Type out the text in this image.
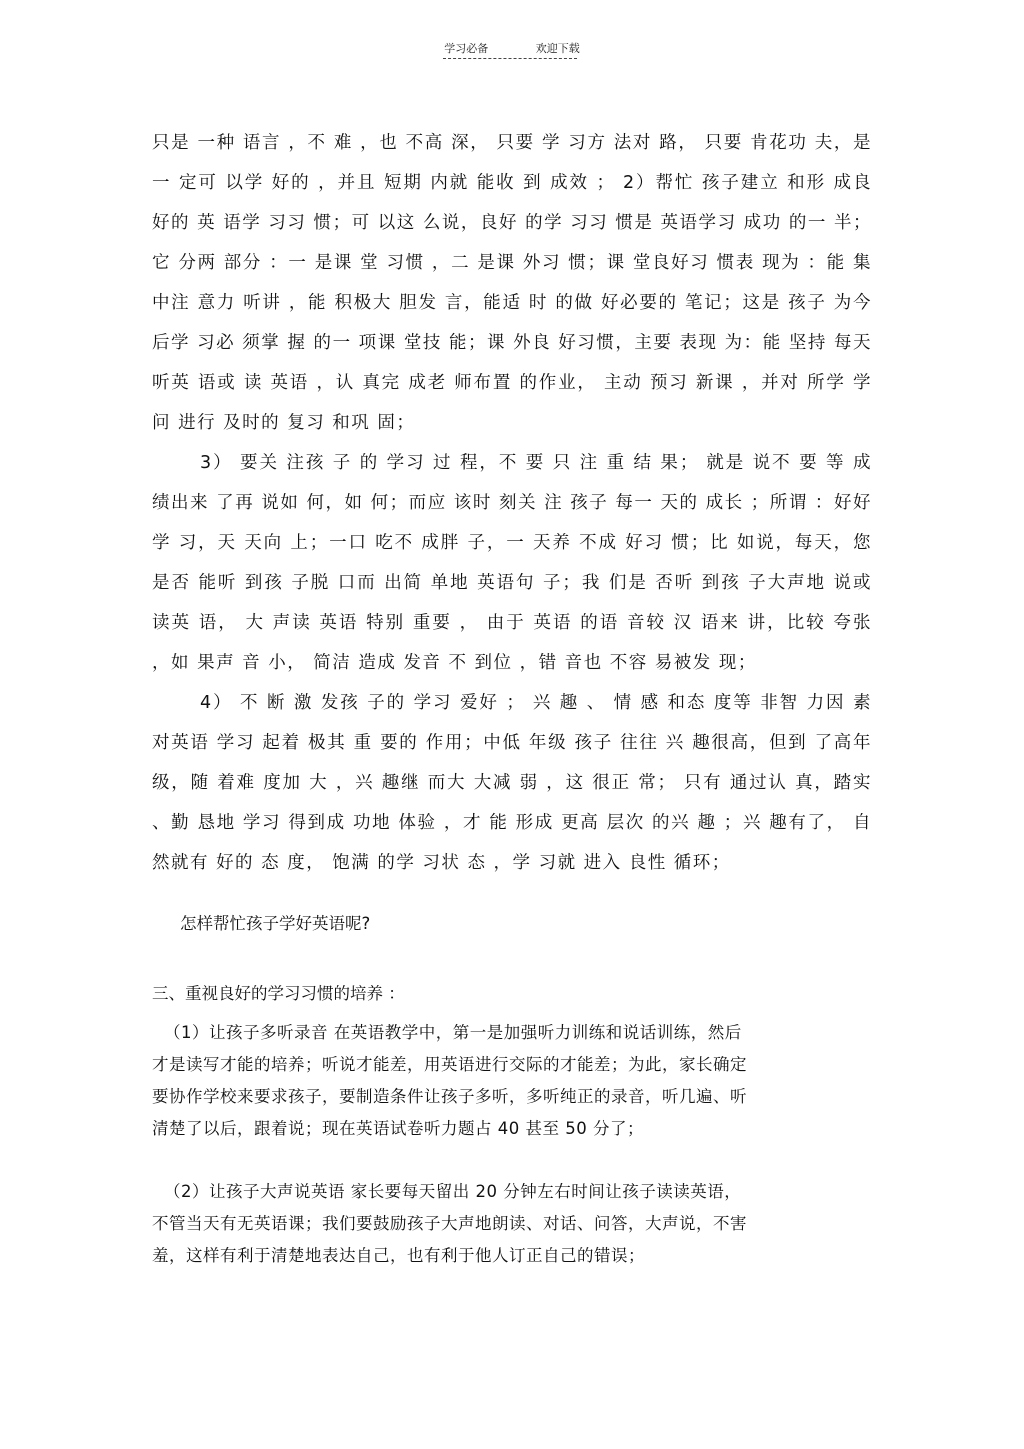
学习必备	欢迎下载
只是 一种 语言 ，不 难 ，也 不高 深， 只要 学 习方 法对 路， 只要 肯花功 夫，是一 定可 以学 好的 ，并且 短期 内就 能收 到 成效 ； 2）帮忙 孩子建立 和形 成良 好的 英 语学 习习 惯；可 以这 么说，良好 的学 习习 惯是 英语学习 成功 的一 半；它 分两 部分 ：一 是课 堂 习惯 ，二 是课 外习 惯；课 堂良好习 惯表 现为 ：能 集中注 意力 听讲 ，能 积极大 胆发 言，能适 时 的做 好必要的 笔记；这是 孩子 为今 后学 习必 须掌 握 的一 项课 堂技 能；课 外良 好习惯，主要 表现 为：能 坚持 每天 听英 语或 读 英语 ，认 真完 成老 师布置 的作业， 主动 预习 新课 ，并对 所学 学问 进行 及时的 复习 和巩 固；
3） 要关 注孩 子 的 学习 过 程，不 要 只 注 重 结 果； 就是 说不 要 等 成 绩出来 了再 说如 何，如 何；而应 该时 刻关 注 孩子 每一 天的 成长 ；所谓 ：好好学 习，天 天向 上；一口 吃不 成胖 子，一 天养 不成 好习 惯；比 如说，每天，您 是否 能听 到孩 子脱 口而 出简 单地 英语句 子；我 们是 否听 到孩 子大声地 说或 读英 语， 大 声读 英语 特别 重要 ， 由于 英语 的语 音较 汉 语来 讲，比较 夸张 ，如 果声 音 小， 简洁 造成 发音 不 到位 ，错 音也 不容 易被发 现；
4） 不 断 激 发孩 子的 学习 爱好 ； 兴 趣 、 情 感 和态 度等 非智 力因 素 对英语 学习 起着 极其 重 要的 作用；中低 年级 孩子 往往 兴 趣很高，但到 了高年级，随 着难 度加 大 ，兴 趣继 而大 大减 弱 ，这 很正 常； 只有 通过认 真，踏实 、勤 恳地 学习 得到成 功地 体验 ，才 能 形成 更高 层次 的兴 趣 ；兴 趣有了， 自然就有 好的 态 度， 饱满 的学 习状 态 ，学 习就 进入 良性 循环；
怎样帮忙孩子学好英语呢?
三、重视良好的学习习惯的培养 ：
（1）让孩子多听录音 在英语教学中，第一是加强听力训练和说话训练，然后
才是读写才能的培养；听说才能差，用英语进行交际的才能差；为此，家长确定
要协作学校来要求孩子，要制造条件让孩子多听，多听纯正的录音，听几遍、听
清楚了以后，跟着说；现在英语试卷听力题占 40 甚至 50 分了；
（2）让孩子大声说英语 家长要每天留出 20 分钟左右时间让孩子读读英语，
不管当天有无英语课；我们要鼓励孩子大声地朗读、对话、问答，大声说，不害
羞，这样有利于清楚地表达自己，也有利于他人订正自己的错误；
